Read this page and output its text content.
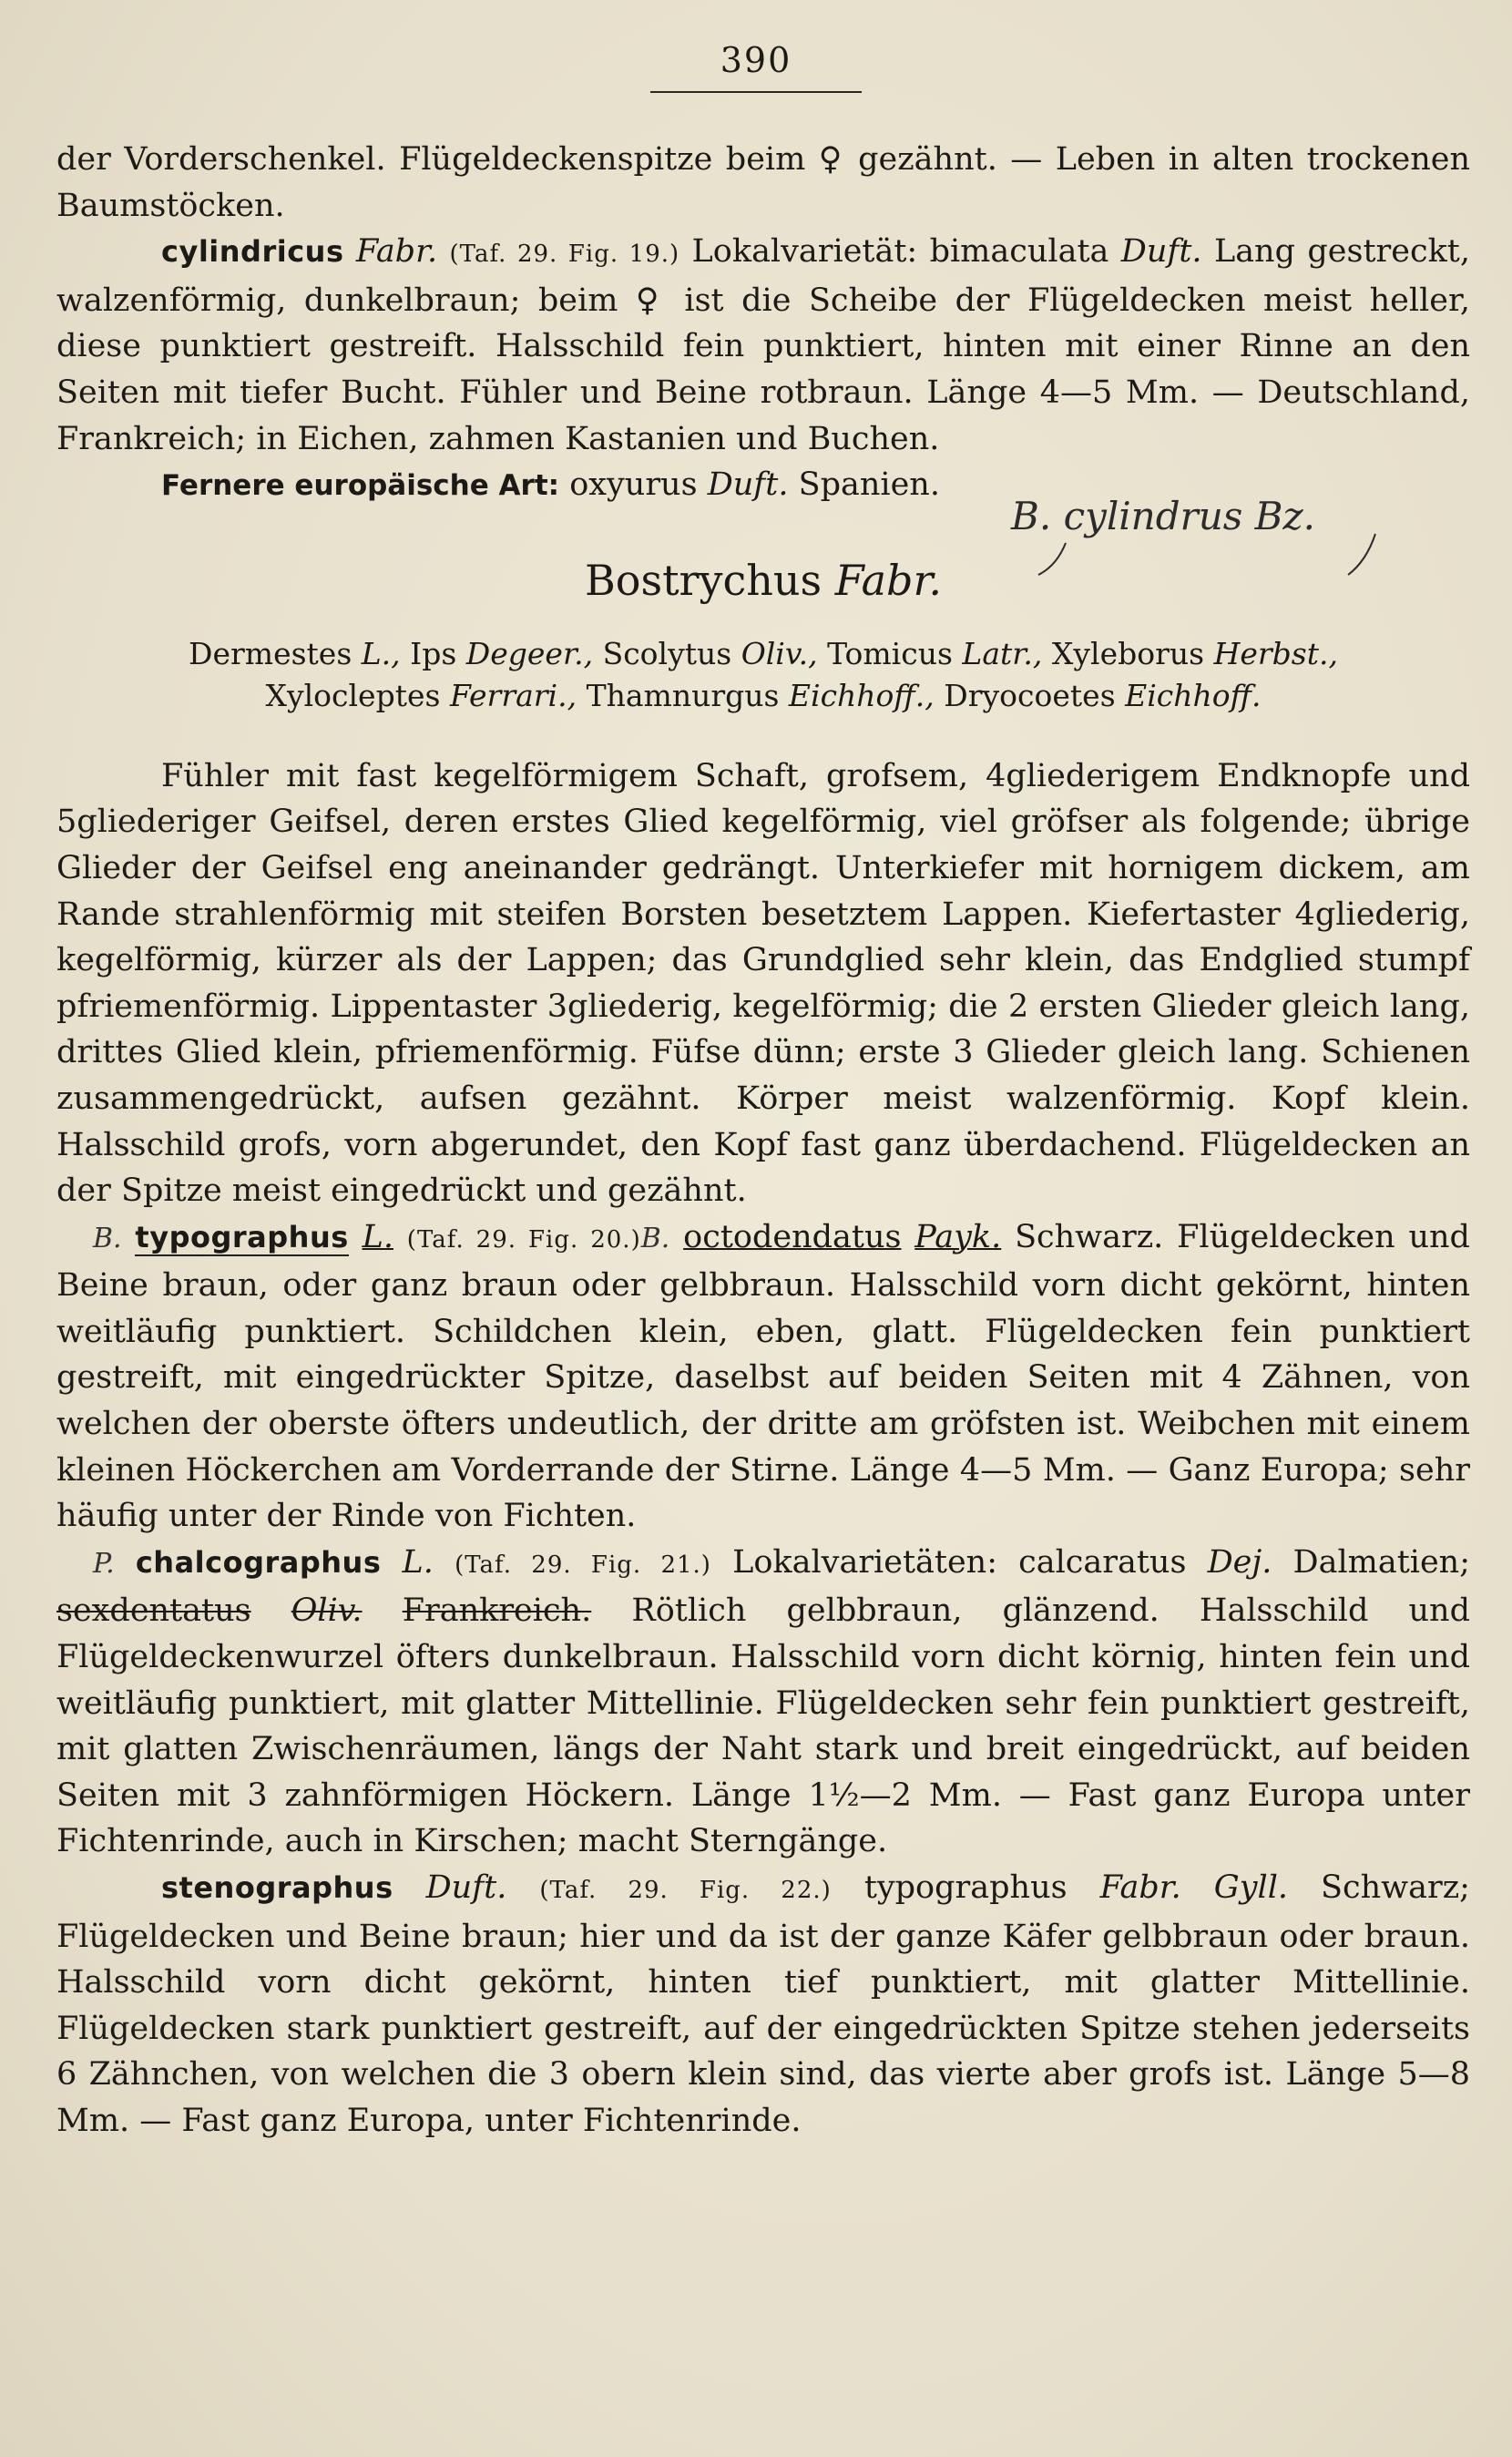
390

der Vorderschenkel. Flügeldeckenspitze beim ♀ gezähnt. — Leben in alten trockenen Baumstöcken.

cylindricus Fabr. (Taf. 29. Fig. 19.) Lokalvarietät: bimaculata Duft. Lang gestreckt, walzenförmig, dunkelbraun; beim ♀ ist die Scheibe der Flügeldecken meist heller, diese punktiert gestreift. Halsschild fein punktiert, hinten mit einer Rinne an den Seiten mit tiefer Bucht. Fühler und Beine rotbraun. Länge 4—5 Mm. — Deutschland, Frankreich; in Eichen, zahmen Kastanien und Buchen.

Fernere europäische Art: oxyurus Duft. Spanien.

Bostrychus Fabr.
Dermestes L., Ips Degeer., Scolytus Oliv., Tomicus Latr., Xyleborus Herbst.,
Xylocleptes Ferrari., Thamnurgus Eichhoff., Dryocoetes Eichhoff.

Fühler mit fast kegelförmigem Schaft, grofsem, 4gliederigem Endknopfe und 5gliederiger Geifsel, deren erstes Glied kegelförmig, viel gröfser als folgende; übrige Glieder der Geifsel eng aneinander gedrängt. Unterkiefer mit hornigem dickem, am Rande strahlenförmig mit steifen Borsten besetztem Lappen. Kiefertaster 4gliederig, kegelförmig, kürzer als der Lappen; das Grundglied sehr klein, das Endglied stumpf pfriemenförmig. Lippentaster 3gliederig, kegelförmig; die 2 ersten Glieder gleich lang, drittes Glied klein, pfriemenförmig. Füfse dünn; erste 3 Glieder gleich lang. Schienen zusammengedrückt, aufsen gezähnt. Körper meist walzenförmig. Kopf klein. Halsschild grofs, vorn abgerundet, den Kopf fast ganz überdachend. Flügeldecken an der Spitze meist eingedrückt und gezähnt.

B. typographus L. (Taf. 29. Fig. 20.)B. octodendatus Payk. Schwarz. Flügeldecken und Beine braun, oder ganz braun oder gelbbraun. Halsschild vorn dicht gekörnt, hinten weitläufig punktiert. Schildchen klein, eben, glatt. Flügeldecken fein punktiert gestreift, mit eingedrückter Spitze, daselbst auf beiden Seiten mit 4 Zähnen, von welchen der oberste öfters undeutlich, der dritte am gröfsten ist. Weibchen mit einem kleinen Höckerchen am Vorderrande der Stirne. Länge 4—5 Mm. — Ganz Europa; sehr häufig unter der Rinde von Fichten.

P. chalcographus L. (Taf. 29. Fig. 21.) Lokalvarietäten: calcaratus Dej. Dalmatien; sexdentatus Oliv. Frankreich. Rötlich gelbbraun, glänzend. Halsschild und Flügeldeckenwurzel öfters dunkelbraun. Halsschild vorn dicht körnig, hinten fein und weitläufig punktiert, mit glatter Mittellinie. Flügeldecken sehr fein punktiert gestreift, mit glatten Zwischenräumen, längs der Naht stark und breit eingedrückt, auf beiden Seiten mit 3 zahnförmigen Höckern. Länge 1½—2 Mm. — Fast ganz Europa unter Fichtenrinde, auch in Kirschen; macht Sterngänge.

stenographus Duft. (Taf. 29. Fig. 22.) typographus Fabr. Gyll. Schwarz; Flügeldecken und Beine braun; hier und da ist der ganze Käfer gelbbraun oder braun. Halsschild vorn dicht gekörnt, hinten tief punktiert, mit glatter Mittellinie. Flügeldecken stark punktiert gestreift, auf der eingedrückten Spitze stehen jederseits 6 Zähnchen, von welchen die 3 obern klein sind, das vierte aber grofs ist. Länge 5—8 Mm. — Fast ganz Europa, unter Fichtenrinde.

B. cylindrus Bz.
